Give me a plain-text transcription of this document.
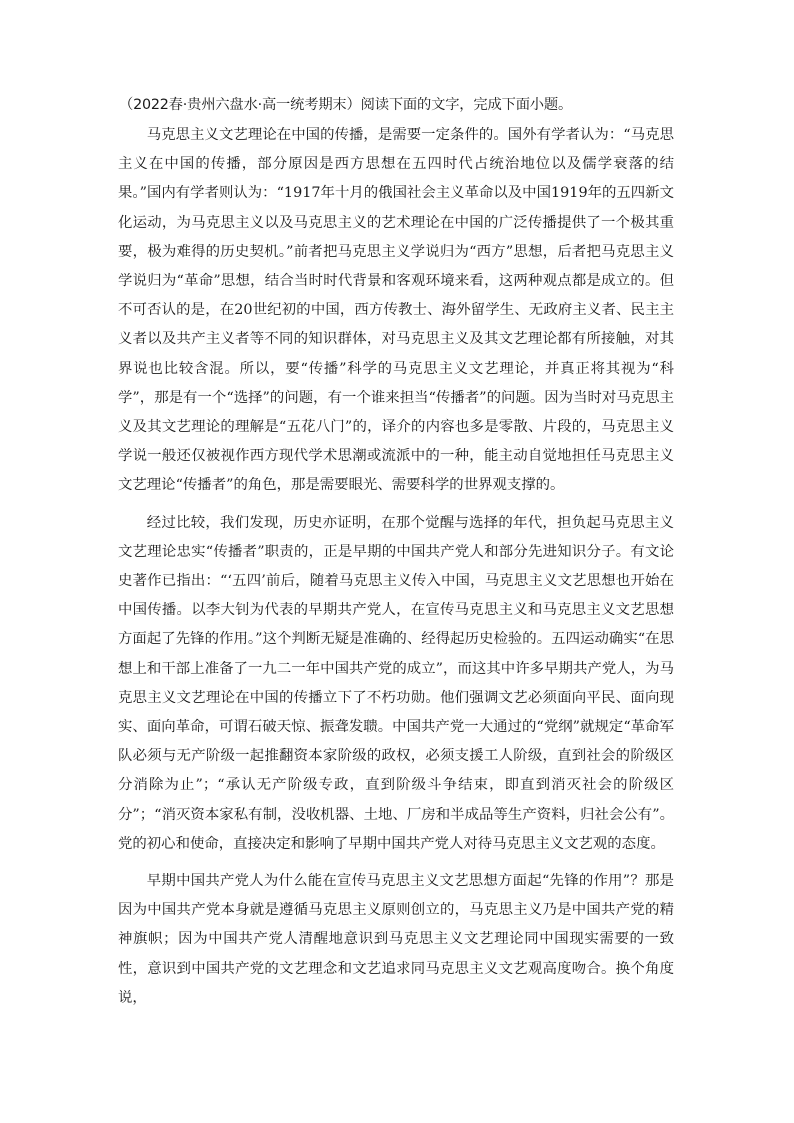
（2022春·贵州六盘水·高一统考期末）阅读下面的文字，完成下面小题。

马克思主义文艺理论在中国的传播，是需要一定条件的。国外有学者认为：“马克思主义在中国的传播，部分原因是西方思想在五四时代占统治地位以及儒学衰落的结果。”国内有学者则认为：“1917年十月的俄国社会主义革命以及中国1919年的五四新文化运动，为马克思主义以及马克思主义的艺术理论在中国的广泛传播提供了一个极其重要，极为难得的历史契机。”前者把马克思主义学说归为“西方”思想，后者把马克思主义学说归为“革命”思想，结合当时时代背景和客观环境来看，这两种观点都是成立的。但不可否认的是，在20世纪初的中国，西方传教士、海外留学生、无政府主义者、民主主义者以及共产主义者等不同的知识群体，对马克思主义及其文艺理论都有所接触，对其界说也比较含混。所以，要“传播”科学的马克思主义文艺理论，并真正将其视为“科学”，那是有一个“选择”的问题，有一个谁来担当“传播者”的问题。因为当时对马克思主义及其文艺理论的理解是“五花八门”的，译介的内容也多是零散、片段的，马克思主义学说一般还仅被视作西方现代学术思潮或流派中的一种，能主动自觉地担任马克思主义文艺理论“传播者”的角色，那是需要眼光、需要科学的世界观支撑的。

经过比较，我们发现，历史亦证明，在那个觉醒与选择的年代，担负起马克思主义文艺理论忠实“传播者”职责的，正是早期的中国共产党人和部分先进知识分子。有文论史著作已指出：“‘五四’前后，随着马克思主义传入中国，马克思主义文艺思想也开始在中国传播。以李大钊为代表的早期共产党人，在宣传马克思主义和马克思主义文艺思想方面起了先锋的作用。”这个判断无疑是准确的、经得起历史检验的。五四运动确实“在思想上和干部上准备了一九二一年中国共产党的成立”，而这其中许多早期共产党人，为马克思主义文艺理论在中国的传播立下了不朽功勋。他们强调文艺必须面向平民、面向现实、面向革命，可谓石破天惊、振聋发聩。中国共产党一大通过的“党纲”就规定“革命军队必须与无产阶级一起推翻资本家阶级的政权，必须支援工人阶级，直到社会的阶级区分消除为止”；“承认无产阶级专政，直到阶级斗争结束，即直到消灭社会的阶级区分”；“消灭资本家私有制，没收机器、土地、厂房和半成品等生产资料，归社会公有”。党的初心和使命，直接决定和影响了早期中国共产党人对待马克思主义文艺观的态度。

早期中国共产党人为什么能在宣传马克思主义文艺思想方面起“先锋的作用”？那是因为中国共产党本身就是遵循马克思主义原则创立的，马克思主义乃是中国共产党的精神旗帜；因为中国共产党人清醒地意识到马克思主义文艺理论同中国现实需要的一致性，意识到中国共产党的文艺理念和文艺追求同马克思主义文艺观高度吻合。换个角度说，
